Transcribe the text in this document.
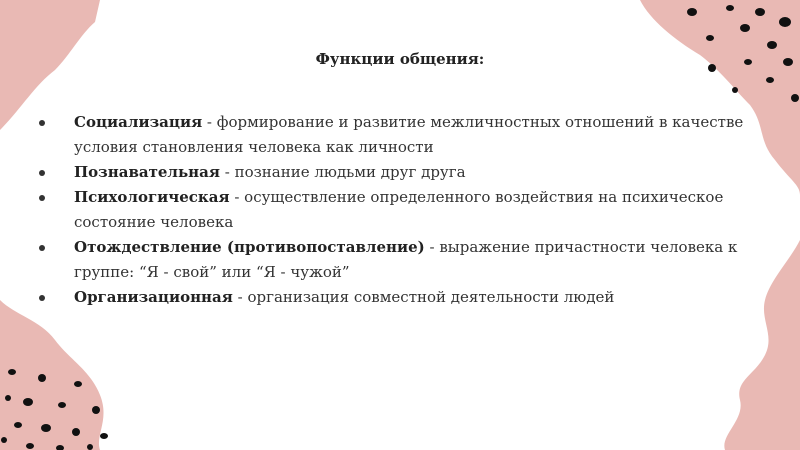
Функции общения:
Социализация - формирование и развитие межличностных отношений в качестве условия становления человека как личности
Познавательная - познание людьми друг друга
Психологическая - осуществление определенного воздействия на психическое состояние человека
Отождествление (противопоставление) - выражение причастности человека к группе: “Я - свой” или “Я - чужой”
Организационная - организация совместной деятельности людей
